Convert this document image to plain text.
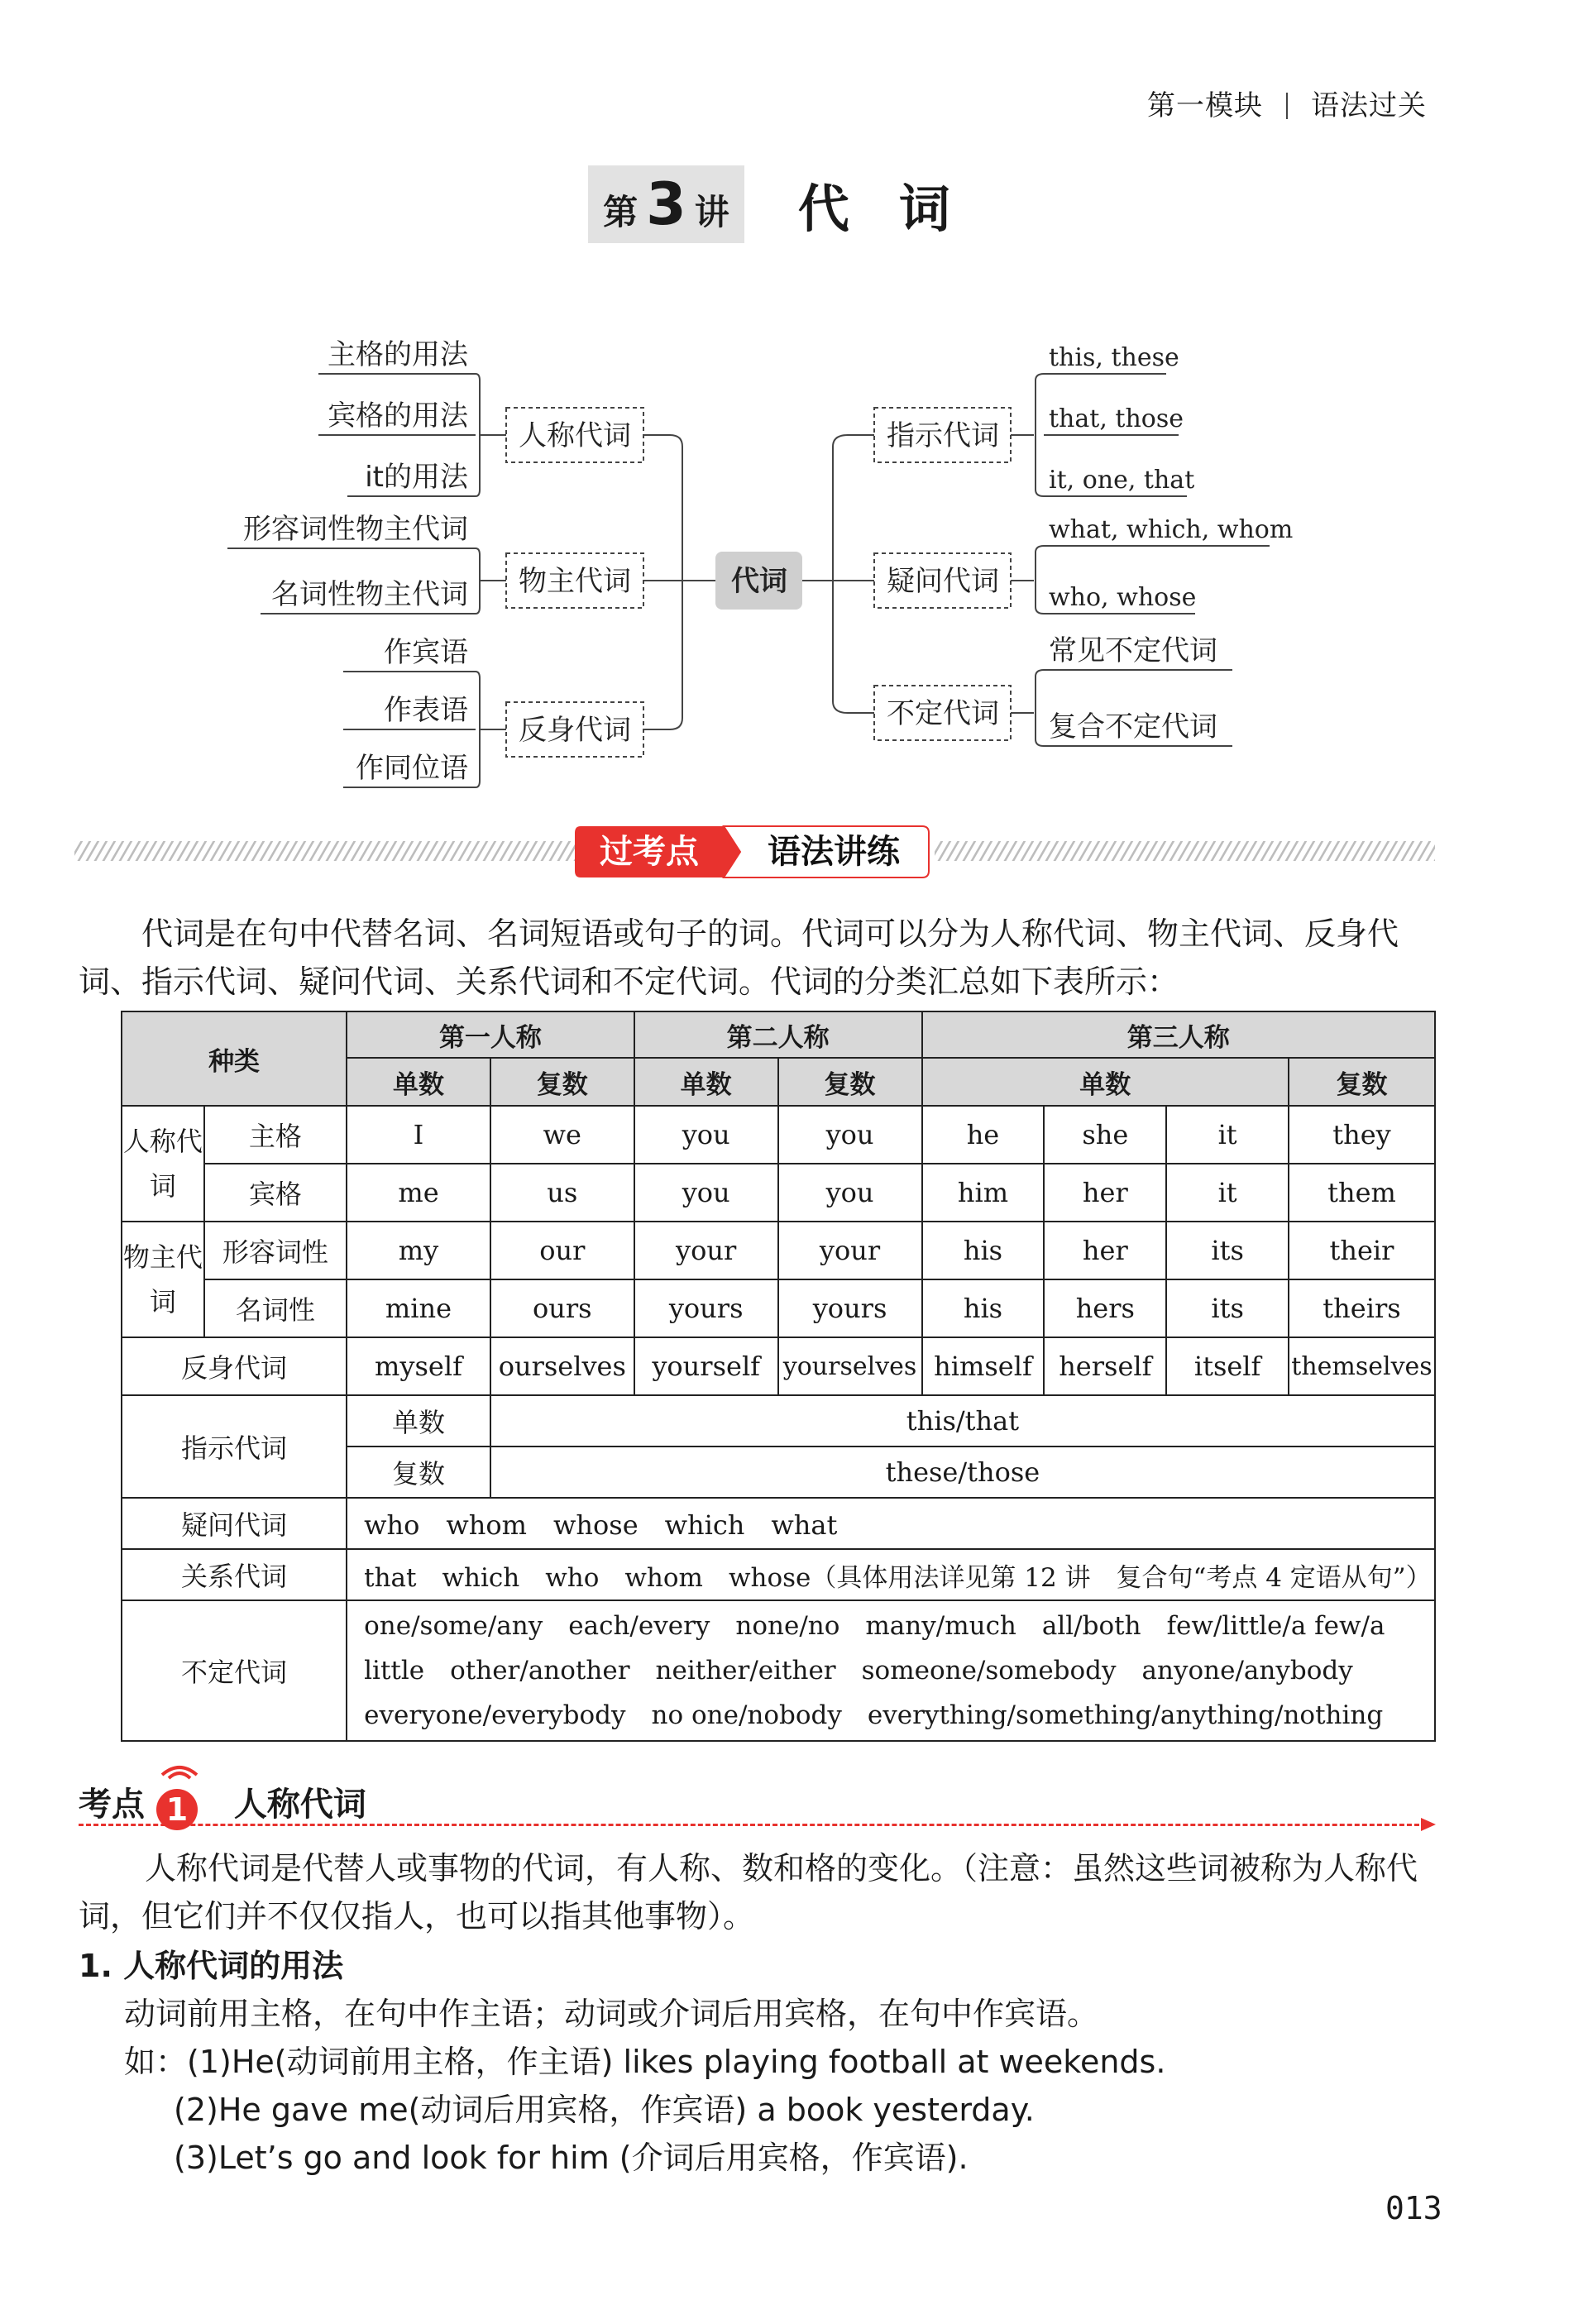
第一模块 语法过关
第 3 讲 代词
代词
人称代词
物主代词
反身代词
指示代词
疑问代词
不定代词
主格的用法
宾格的用法
it的用法
形容词性物主代词
名词性物主代词
作宾语
作表语
作同位语
this, these
that, those
it, one, that
what, which, whom
who, whose
常见不定代词
复合不定代词
过考点 语法讲练
代词是在句中代替名词、名词短语或句子的词。代词可以分为人称代词、物主代词、反身代词、指示代词、疑问代词、关系代词和不定代词。代词的分类汇总如下表所示：
种类		第一人称		第二人称		第三人称			
		单数	复数	单数	复数	单数			复数
人称代词	主格	I	we	you	you	he	she	it	they
	宾格	me	us	you	you	him	her	it	them
物主代词	形容词性	my	our	your	your	his	her	its	their
	名词性	mine	ours	yours	yours	his	hers	its	theirs
反身代词		myself	ourselves	yourself	yourselves	himself	herself	itself	themselves
指示代词		单数	this/that						
		复数	these/those						
疑问代词		who　whom　whose　which　what							
关系代词		that　which　who　whom　whose（具体用法详见第 12 讲　复合句“考点 4 定语从句”）							
不定代词		one/some/any　each/every　none/no　many/much　all/both　few/little/a few/a
little　other/another　neither/either　someone/somebody　anyone/anybody
everyone/everybody　no one/nobody　everything/something/anything/nothing							
考点 1 人称代词
人称代词是代替人或事物的代词，有人称、数和格的变化。（注意：虽然这些词被称为人称代词，但它们并不仅仅指人，也可以指其他事物）。
1. 人称代词的用法
动词前用主格，在句中作主语；动词或介词后用宾格，在句中作宾语。
如：(1)He(动词前用主格，作主语) likes playing football at weekends.
(2)He gave me(动词后用宾格，作宾语) a book yesterday.
(3)Let’s go and look for him (介词后用宾格，作宾语).
013
